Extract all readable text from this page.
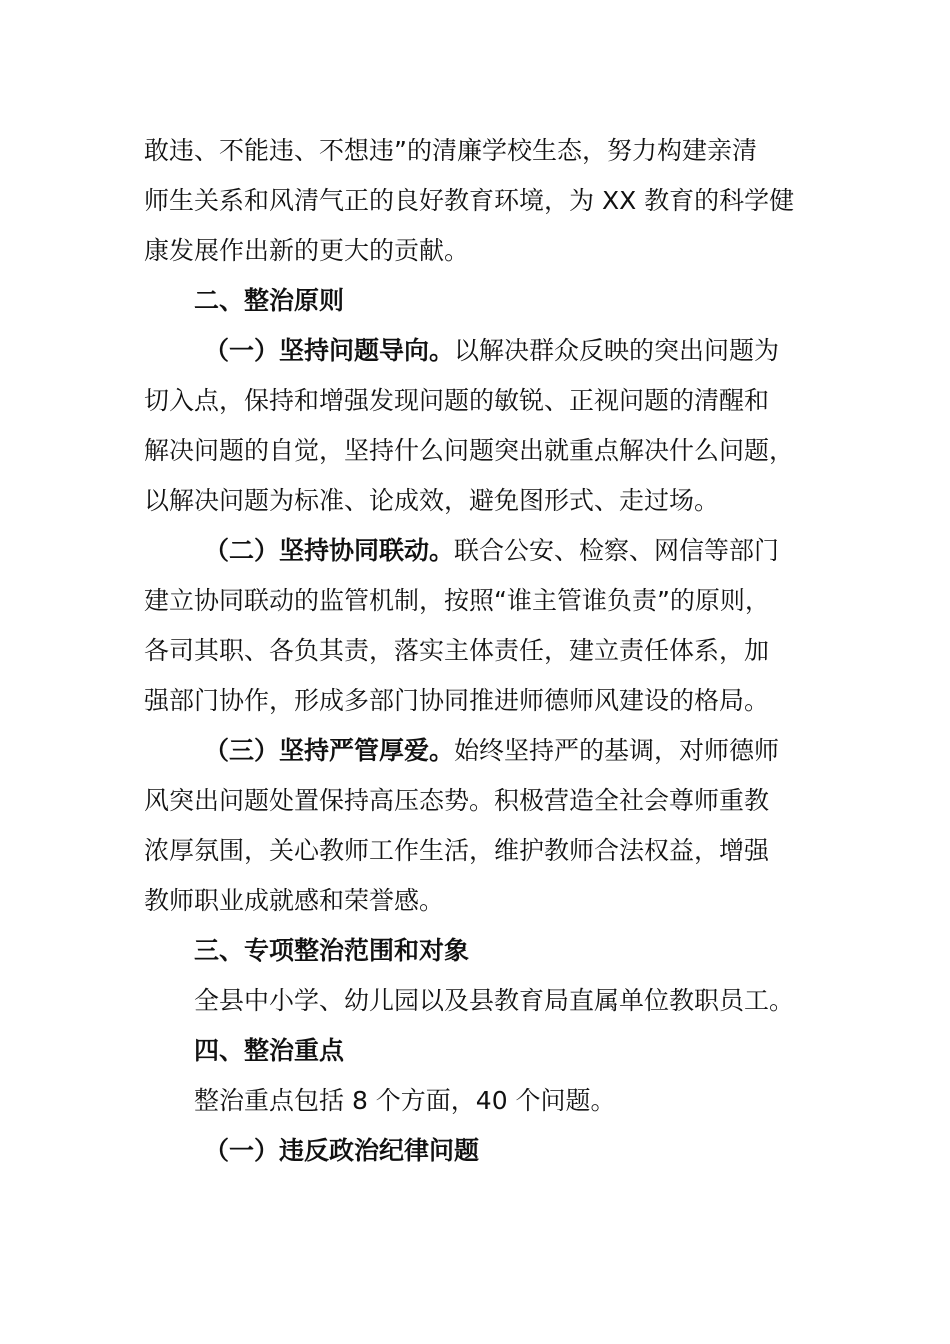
敢违、不能违、不想违”的清廉学校生态，努力构建亲清
师生关系和风清气正的良好教育环境，为 XX 教育的科学健
康发展作出新的更大的贡献。
二、整治原则
（一）坚持问题导向。以解决群众反映的突出问题为
切入点，保持和增强发现问题的敏锐、正视问题的清醒和
解决问题的自觉，坚持什么问题突出就重点解决什么问题，
以解决问题为标准、论成效，避免图形式、走过场。
（二）坚持协同联动。联合公安、检察、网信等部门
建立协同联动的监管机制，按照“谁主管谁负责”的原则，
各司其职、各负其责，落实主体责任，建立责任体系，加
强部门协作，形成多部门协同推进师德师风建设的格局。
（三）坚持严管厚爱。始终坚持严的基调，对师德师
风突出问题处置保持高压态势。积极营造全社会尊师重教
浓厚氛围，关心教师工作生活，维护教师合法权益，增强
教师职业成就感和荣誉感。
三、专项整治范围和对象
全县中小学、幼儿园以及县教育局直属单位教职员工。
四、整治重点
整治重点包括 8 个方面，40 个问题。
（一）违反政治纪律问题
